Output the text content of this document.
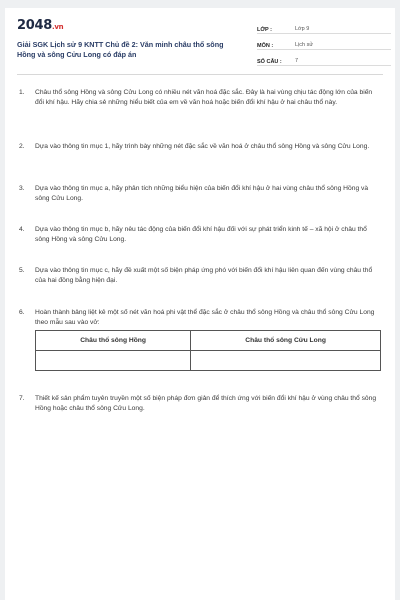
2048.vn
Giải SGK Lịch sử 9 KNTT Chủ đề 2: Văn minh châu thổ sông Hồng và sông Cửu Long có đáp án
LỚP :	Lớp 9
MÔN :	Lịch sử
SỐ CÂU :	7
1.	Châu thổ sông Hồng và sông Cửu Long có nhiều nét văn hoá đặc sắc. Đây là hai vùng chịu tác động lớn của biến đổi khí hậu. Hãy chia sẻ những hiểu biết của em về văn hoá hoặc biến đổi khí hậu ở hai châu thổ này.
2.	Dựa vào thông tin mục 1, hãy trình bày những nét đặc sắc về văn hoá ở châu thổ sông Hồng và sông Cửu Long.
3.	Dựa vào thông tin mục a, hãy phân tích những biểu hiện của biến đổi khí hậu ở hai vùng châu thổ sông Hồng và sông Cửu Long.
4.	Dựa vào thông tin mục b, hãy nêu tác động của biến đổi khí hậu đối với sự phát triển kinh tế – xã hội ở châu thổ sông Hồng và sông Cửu Long.
5.	Dựa vào thông tin mục c, hãy đề xuất một số biện pháp ứng phó với biến đổi khí hậu liên quan đến vùng châu thổ của hai đồng bằng hiện đại.
6.	Hoàn thành bảng liệt kê một số nét văn hoá phi vật thể đặc sắc ở châu thổ sông Hồng và châu thổ sông Cửu Long theo mẫu sau vào vở:
Châu thổ sông Hồng	Châu thổ sông Cửu Long

7.	Thiết kế sản phẩm tuyên truyền một số biện pháp đơn giản để thích ứng với biến đổi khí hậu ở vùng châu thổ sông Hồng hoặc châu thổ sông Cửu Long.
